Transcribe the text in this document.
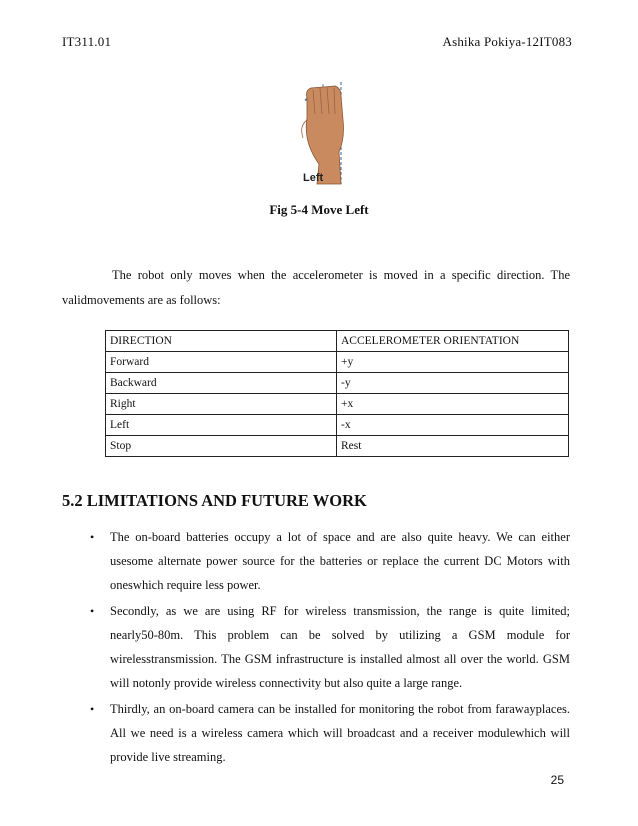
IT311.01	Ashika Pokiya-12IT083
Left
Fig 5-4 Move Left
The robot only moves when the accelerometer is moved in a specific direction. The validmovements are as follows:
DIRECTION	ACCELEROMETER ORIENTATION
Forward	+y
Backward	-y
Right	+x
Left	-x
Stop	Rest
5.2 LIMITATIONS AND FUTURE WORK
• The on-board batteries occupy a lot of space and are also quite heavy. We can either usesome alternate power source for the batteries or replace the current DC Motors with oneswhich require less power.
• Secondly, as we are using RF for wireless transmission, the range is quite limited; nearly50-80m. This problem can be solved by utilizing a GSM module for wirelesstransmission. The GSM infrastructure is installed almost all over the world. GSM will notonly provide wireless connectivity but also quite a large range.
• Thirdly, an on-board camera can be installed for monitoring the robot from farawayplaces. All we need is a wireless camera which will broadcast and a receiver modulewhich will provide live streaming.
25
